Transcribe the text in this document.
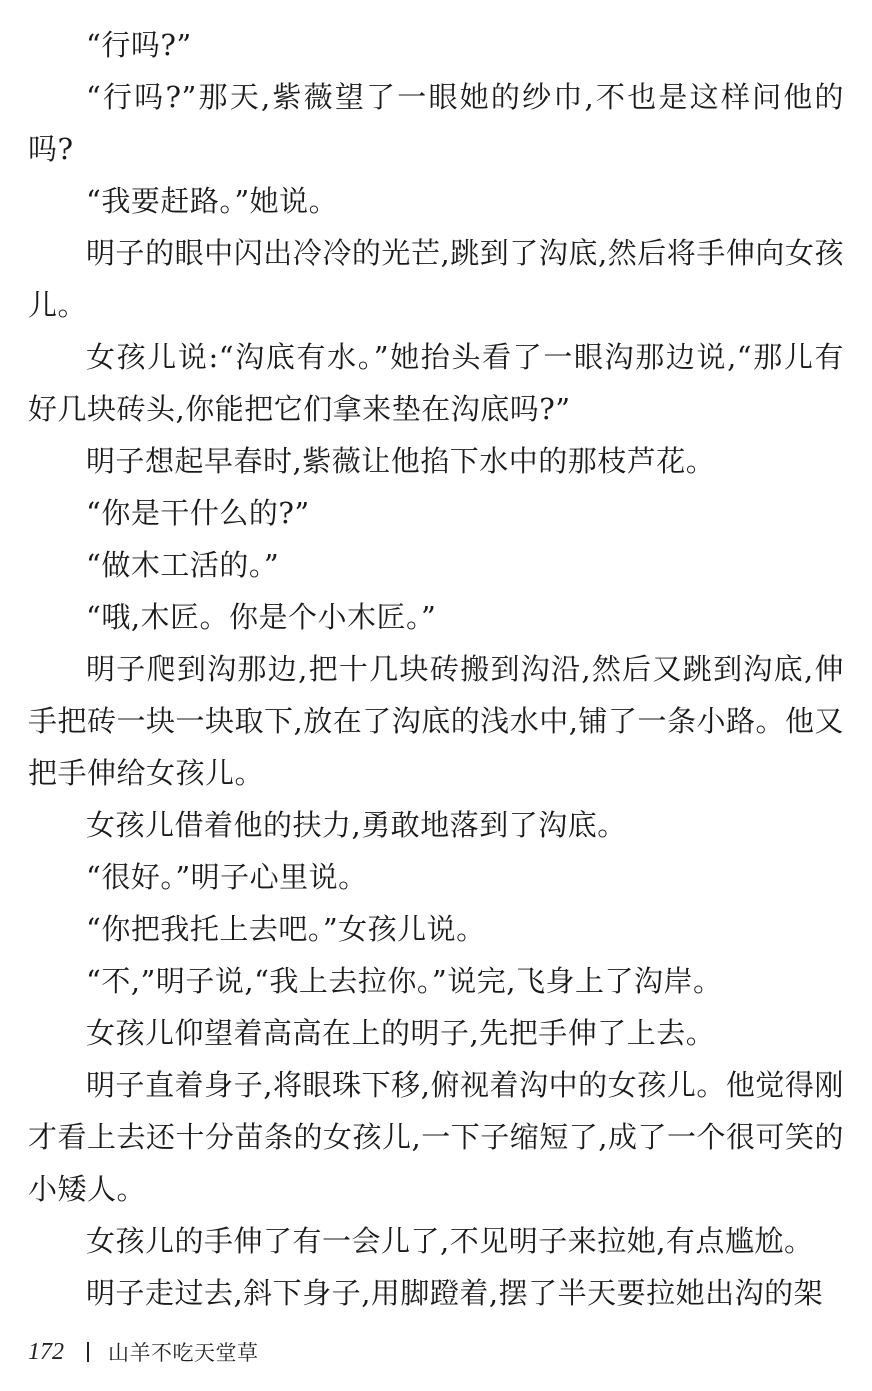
“行吗?”

“行吗?”那天,紫薇望了一眼她的纱巾,不也是这样问他的吗?

“我要赶路。”她说。

明子的眼中闪出冷冷的光芒,跳到了沟底,然后将手伸向女孩儿。

女孩儿说:“沟底有水。”她抬头看了一眼沟那边说,“那儿有好几块砖头,你能把它们拿来垫在沟底吗?”

明子想起早春时,紫薇让他掐下水中的那枝芦花。

“你是干什么的?”

“做木工活的。”

“哦,木匠。你是个小木匠。”

明子爬到沟那边,把十几块砖搬到沟沿,然后又跳到沟底,伸手把砖一块一块取下,放在了沟底的浅水中,铺了一条小路。他又把手伸给女孩儿。

女孩儿借着他的扶力,勇敢地落到了沟底。

“很好。”明子心里说。

“你把我托上去吧。”女孩儿说。

“不,”明子说,“我上去拉你。”说完,飞身上了沟岸。

女孩儿仰望着高高在上的明子,先把手伸了上去。

明子直着身子,将眼珠下移,俯视着沟中的女孩儿。他觉得刚才看上去还十分苗条的女孩儿,一下子缩短了,成了一个很可笑的小矮人。

女孩儿的手伸了有一会儿了,不见明子来拉她,有点尴尬。

明子走过去,斜下身子,用脚蹬着,摆了半天要拉她出沟的架

172 山羊不吃天堂草
